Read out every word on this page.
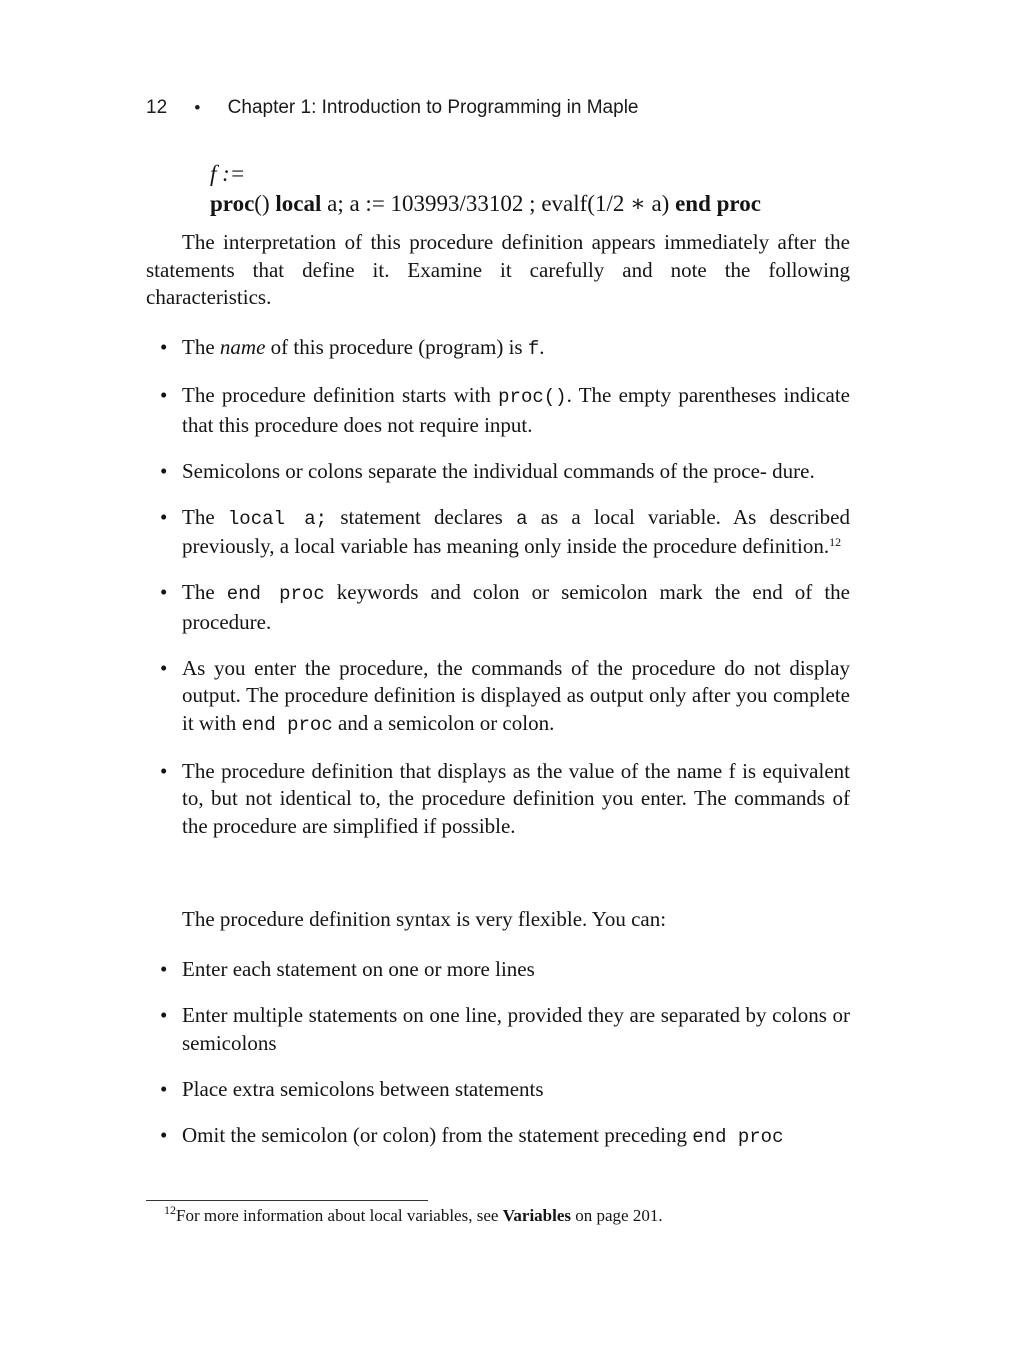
12 • Chapter 1: Introduction to Programming in Maple
f :=
proc() local a; a := 103993/33102 ; evalf(1/2 ∗ a) end proc

The interpretation of this procedure definition appears immediately after the statements that define it. Examine it carefully and note the following characteristics.

• The name of this procedure (program) is f.
• The procedure definition starts with proc(). The empty parentheses indicate that this procedure does not require input.
• Semicolons or colons separate the individual commands of the proce- dure.
• The local a; statement declares a as a local variable. As described previously, a local variable has meaning only inside the procedure definition.$^{12}$
• The end proc keywords and colon or semicolon mark the end of the procedure.
• As you enter the procedure, the commands of the procedure do not display output. The procedure definition is displayed as output only after you complete it with end proc and a semicolon or colon.
• The procedure definition that displays as the value of the name f is equivalent to, but not identical to, the procedure definition you enter. The commands of the procedure are simplified if possible.

The procedure definition syntax is very flexible. You can:

• Enter each statement on one or more lines
• Enter multiple statements on one line, provided they are separated by colons or semicolons
• Place extra semicolons between statements
• Omit the semicolon (or colon) from the statement preceding end proc
$^{12}$For more information about local variables, see Variables on page 201.
